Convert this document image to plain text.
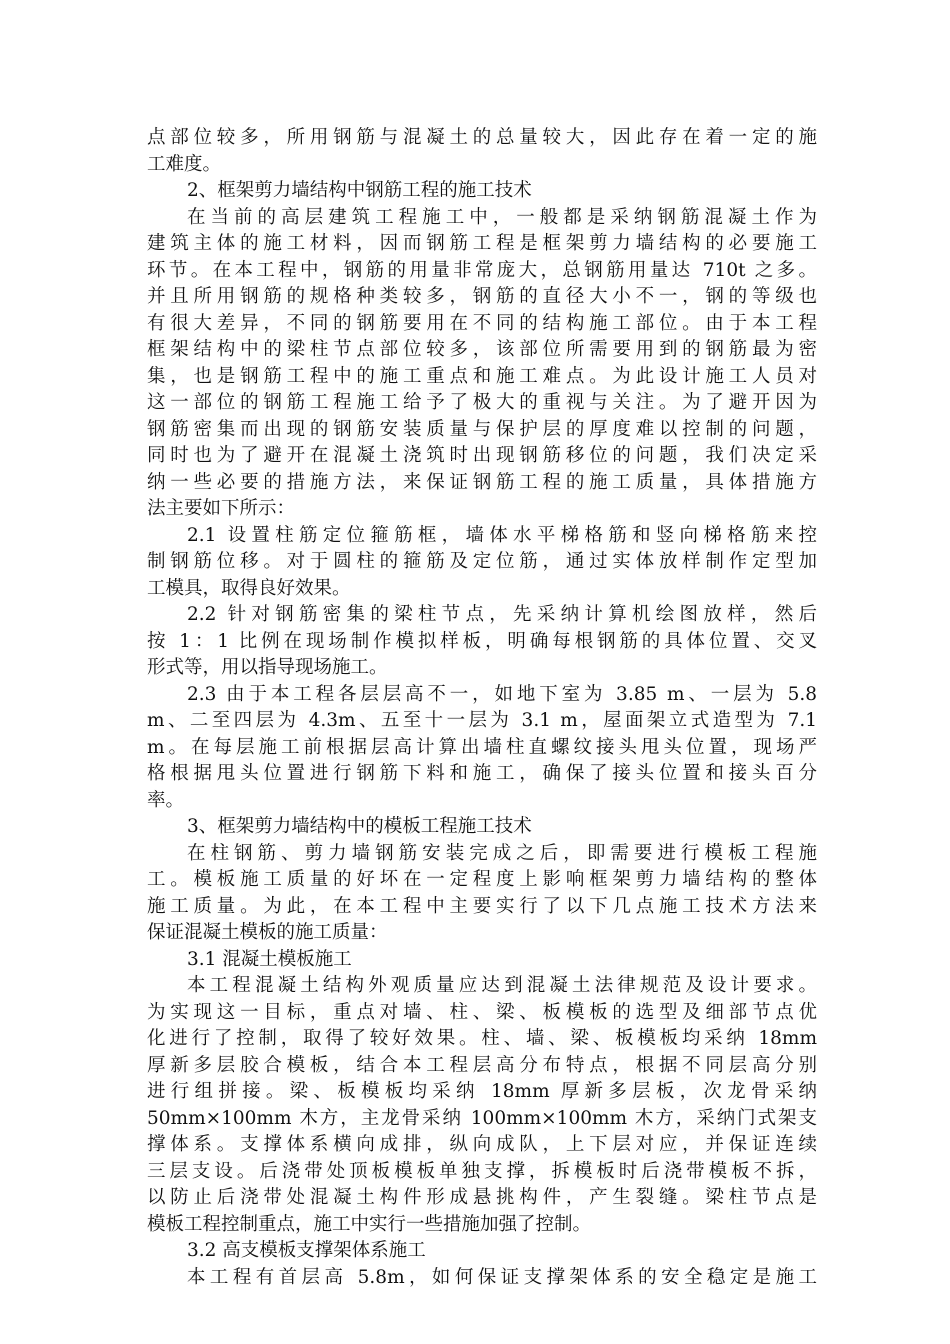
点部位较多，所用钢筋与混凝土的总量较大，因此存在着一定的施
工难度。
2、框架剪力墙结构中钢筋工程的施工技术
在当前的高层建筑工程施工中，一般都是采纳钢筋混凝土作为
建筑主体的施工材料，因而钢筋工程是框架剪力墙结构的必要施工
环节。在本工程中，钢筋的用量非常庞大，总钢筋用量达 710t 之多。
并且所用钢筋的规格种类较多，钢筋的直径大小不一，钢的等级也
有很大差异，不同的钢筋要用在不同的结构施工部位。由于本工程
框架结构中的梁柱节点部位较多，该部位所需要用到的钢筋最为密
集，也是钢筋工程中的施工重点和施工难点。为此设计施工人员对
这一部位的钢筋工程施工给予了极大的重视与关注。为了避开因为
钢筋密集而出现的钢筋安装质量与保护层的厚度难以控制的问题，
同时也为了避开在混凝土浇筑时出现钢筋移位的问题，我们决定采
纳一些必要的措施方法，来保证钢筋工程的施工质量，具体措施方
法主要如下所示：
2.1 设置柱筋定位箍筋框，墙体水平梯格筋和竖向梯格筋来控
制钢筋位移。对于圆柱的箍筋及定位筋，通过实体放样制作定型加
工模具，取得良好效果。
2.2 针对钢筋密集的梁柱节点，先采纳计算机绘图放样，然后
按 1：1 比例在现场制作模拟样板，明确每根钢筋的具体位置、交叉
形式等，用以指导现场施工。
2.3 由于本工程各层层高不一，如地下室为 3.85 m、一层为 5.8
m、二至四层为 4.3m、五至十一层为 3.1 m，屋面架立式造型为 7.1
m。在每层施工前根据层高计算出墙柱直螺纹接头甩头位置，现场严
格根据甩头位置进行钢筋下料和施工，确保了接头位置和接头百分
率。
3、框架剪力墙结构中的模板工程施工技术
在柱钢筋、剪力墙钢筋安装完成之后，即需要进行模板工程施
工。模板施工质量的好坏在一定程度上影响框架剪力墙结构的整体
施工质量。为此，在本工程中主要实行了以下几点施工技术方法来
保证混凝土模板的施工质量：
3.1 混凝土模板施工
本工程混凝土结构外观质量应达到混凝土法律规范及设计要求。
为实现这一目标，重点对墙、柱、梁、板模板的选型及细部节点优
化进行了控制，取得了较好效果。柱、墙、梁、板模板均采纳 18mm
厚新多层胶合模板，结合本工程层高分布特点，根据不同层高分别
进行组拼接。梁、板模板均采纳 18mm 厚新多层板，次龙骨采纳
50mm×100mm 木方，主龙骨采纳 100mm×100mm 木方，采纳门式架支
撑体系。支撑体系横向成排，纵向成队，上下层对应，并保证连续
三层支设。后浇带处顶板模板单独支撑，拆模板时后浇带模板不拆，
以防止后浇带处混凝土构件形成悬挑构件，产生裂缝。梁柱节点是
模板工程控制重点，施工中实行一些措施加强了控制。
3.2 高支模板支撑架体系施工
本工程有首层高 5.8m，如何保证支撑架体系的安全稳定是施工
